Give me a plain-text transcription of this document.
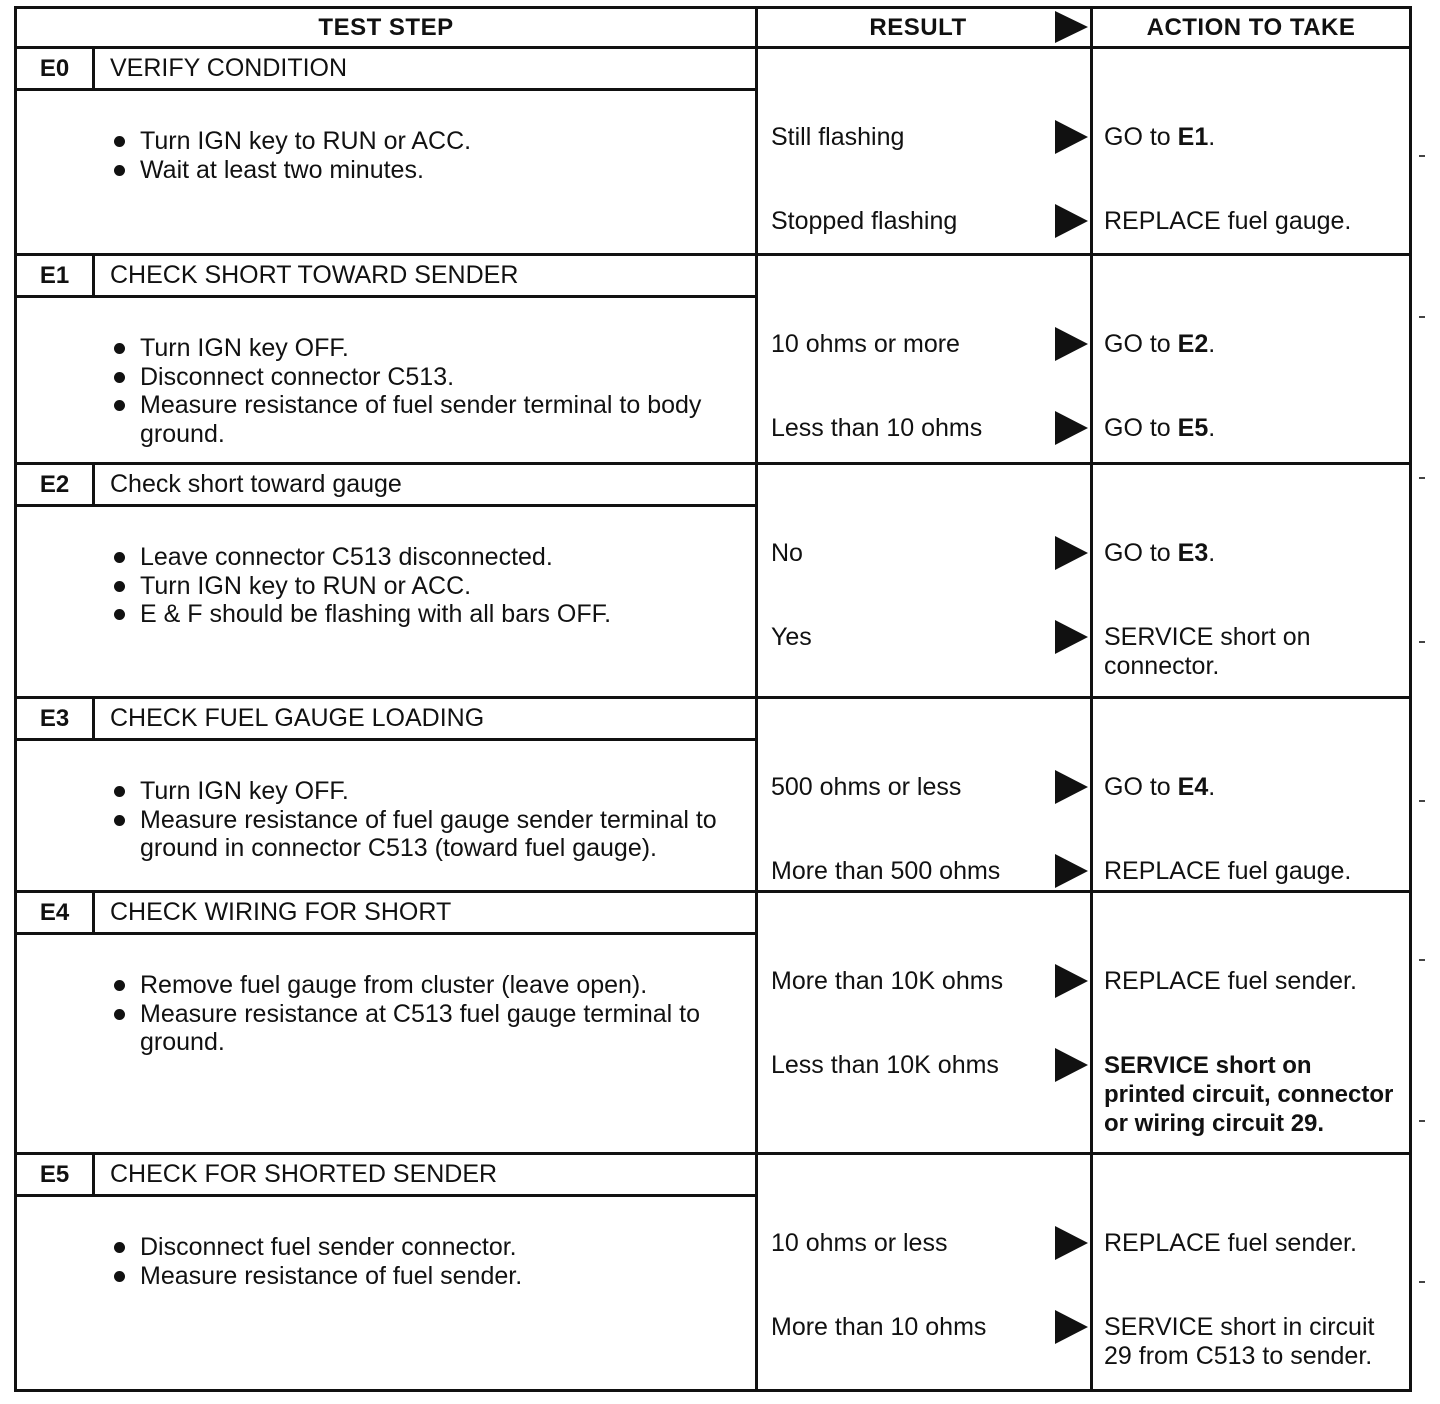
TEST STEP	RESULT	ACTION TO TAKE
E0	VERIFY CONDITION
Turn IGN key to RUN or ACC.
Wait at least two minutes.
Still flashing	GO to E1.
Stopped flashing	REPLACE fuel gauge.
E1	CHECK SHORT TOWARD SENDER
Turn IGN key OFF.
Disconnect connector C513.
Measure resistance of fuel sender terminal to body
ground.
10 ohms or more	GO to E2.
Less than 10 ohms	GO to E5.
E2	Check short toward gauge
Leave connector C513 disconnected.
Turn IGN key to RUN or ACC.
E & F should be flashing with all bars OFF.
No	GO to E3.
Yes	SERVICE short on
connector.
E3	CHECK FUEL GAUGE LOADING
Turn IGN key OFF.
Measure resistance of fuel gauge sender terminal to
ground in connector C513 (toward fuel gauge).
500 ohms or less	GO to E4.
More than 500 ohms	REPLACE fuel gauge.
E4	CHECK WIRING FOR SHORT
Remove fuel gauge from cluster (leave open).
Measure resistance at C513 fuel gauge terminal to
ground.
More than 10K ohms	REPLACE fuel sender.
Less than 10K ohms	SERVICE short on
printed circuit, connector
or wiring circuit 29.
E5	CHECK FOR SHORTED SENDER
Disconnect fuel sender connector.
Measure resistance of fuel sender.
10 ohms or less	REPLACE fuel sender.
More than 10 ohms	SERVICE short in circuit
29 from C513 to sender.
